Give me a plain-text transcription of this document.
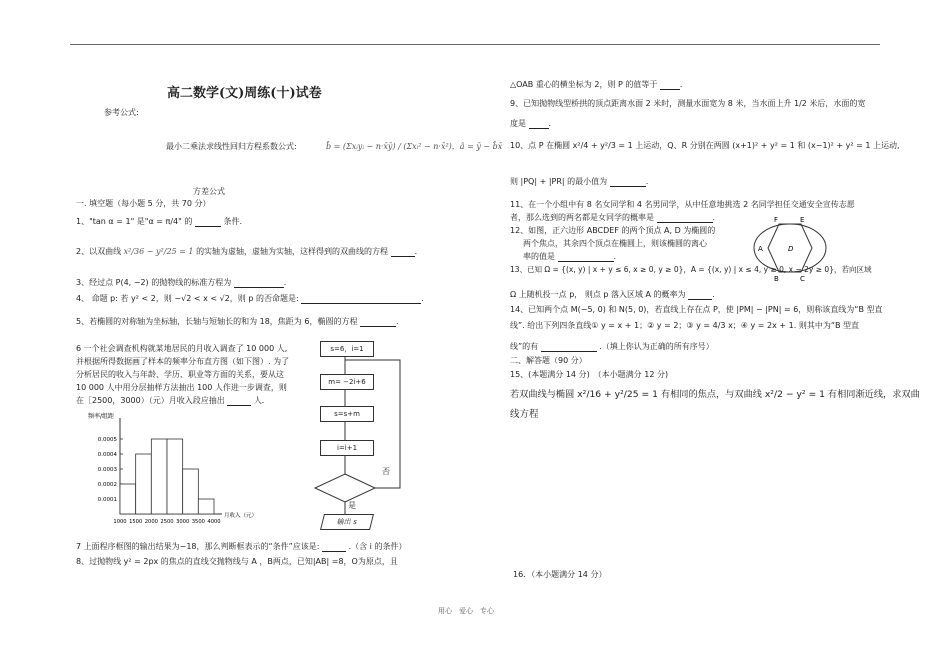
高二数学(文)周练(十)试卷
参考公式:
最小二乘法求线性回归方程系数公式:	b̂ = (Σxᵢyᵢ − n·x̄ȳ) / (Σxᵢ² − n·x̄²)，â = ȳ − b̂x̄
方差公式
一. 填空题（每小题 5 分，共 70 分）
1、"tan α = 1" 是"α = π/4" 的	条件.
2、以双曲线 x²/36 − y²/25 = 1 的实轴为虚轴，虚轴为实轴，这样得到的双曲线的方程	.
3、经过点 P(4, −2) 的抛物线的标准方程为	.
4、 命题 p: 若 y² < 2，则 −√2 < x < √2，则 p 的否命题是:	.
5、若椭圆的对称轴为坐标轴，长轴与短轴长的和为 18，焦距为 6，椭圆的方程	.
6 一个社会调查机构就某地居民的月收入调查了 10 000 人,
并根据所得数据画了样本的频率分布直方图（如下图）. 为了
分析居民的收入与年龄、学历、职业等方面的关系，要从这
10 000 人中用分层抽样方法抽出 100 人作进一步调查，则
在［2500，3000）（元）月收入段应抽出	人.
频率/组距
0.0001
0.0002
0.0003
0.0004
0.0005
1000 1500 2000 2500 3000 3500 4000
月收入（元）
s=6，i=1
m= −2i+6
s=s+m
i=i+1
否
是
输出 s
7 上面程序框图的输出结果为−18，那么判断框表示的“条件”应该是:	.（含 i 的条件）
8、过抛物线 y² = 2px 的焦点的直线交抛物线与 A ，B两点，已知|AB| =8，O为原点，且
△OAB 重心的横坐标为 2，则 P 的值等于	.
9、已知抛物线型桥拱的顶点距离水面 2 米时，测量水面宽为 8 米，当水面上升 1/2 米后，水面的宽
度是	.
10、点 P 在椭圆 x²/4 + y²/3 = 1 上运动，Q、R 分别在两圆 (x+1)² + y² = 1 和 (x−1)² + y² = 1 上运动,
则 |PQ| + |PR| 的最小值为	.
11、在一个小组中有 8 名女同学和 4 名男同学，从中任意地挑选 2 名同学担任交通安全宣传志愿
者，那么选到的两名都是女同学的概率是	.
12、如图，正六边形 ABCDEF 的两个顶点 A, D 为椭圆的
两个焦点，其余四个顶点在椭圆上，则该椭圆的离心
率的值是	.
F	E
A	D
B	C
13、已知 Ω = {(x, y) | x + y ≤ 6, x ≥ 0, y ≥ 0}，A = {(x, y) | x ≤ 4, y ≥ 0, x − 2y ≥ 0}，若向区域
Ω 上随机投一点 p， 则点 p 落入区域 A 的概率为	.
14、已知两个点 M(−5, 0) 和 N(5, 0)，若直线上存在点 P，使 |PM| − |PN| = 6，则称该直线为“B 型直
线”. 给出下列四条直线① y = x + 1；② y = 2；③ y = 4/3 x；④ y = 2x + 1. 则其中为“B 型直
线”的有	.（填上你认为正确的所有序号）
二、解答题（90 分）
15、(本题满分 14 分)　（本小题满分 12 分)
若双曲线与椭圆 x²/16 + y²/25 = 1 有相同的焦点，与双曲线 x²/2 − y² = 1 有相同渐近线，求双曲
线方程
16．（本小题满分 14 分）
用心　爱心　专心
